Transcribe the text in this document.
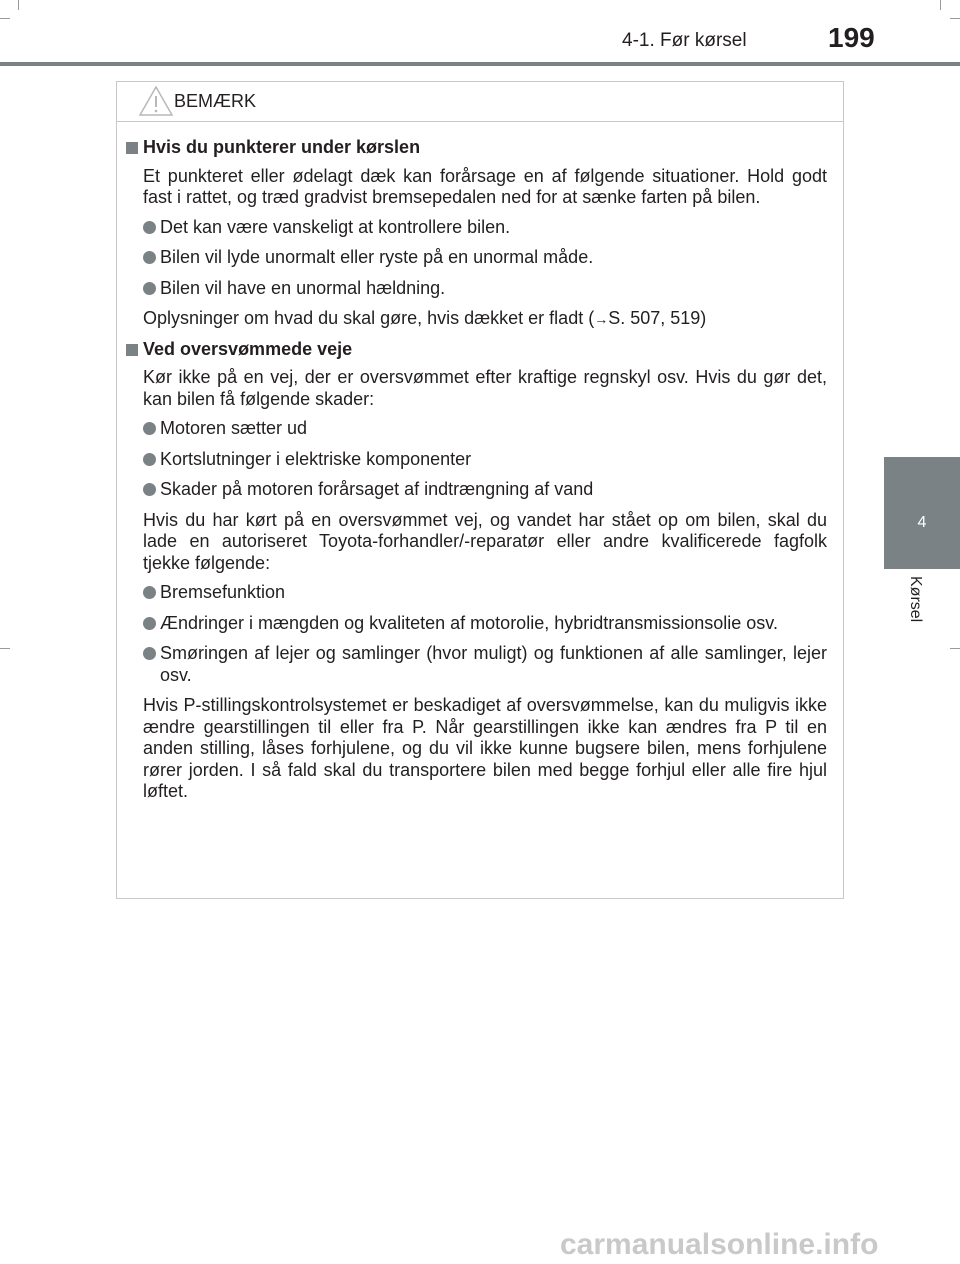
4-1. Før kørsel	199
4
Kørsel
BEMÆRK
Hvis du punkterer under kørslen
Et punkteret eller ødelagt dæk kan forårsage en af følgende situationer. Hold godt fast i rattet, og træd gradvist bremsepedalen ned for at sænke farten på bilen.
Det kan være vanskeligt at kontrollere bilen.
Bilen vil lyde unormalt eller ryste på en unormal måde.
Bilen vil have en unormal hældning.
Oplysninger om hvad du skal gøre, hvis dækket er fladt (→S. 507, 519)
Ved oversvømmede veje
Kør ikke på en vej, der er oversvømmet efter kraftige regnskyl osv. Hvis du gør det, kan bilen få følgende skader:
Motoren sætter ud
Kortslutninger i elektriske komponenter
Skader på motoren forårsaget af indtrængning af vand
Hvis du har kørt på en oversvømmet vej, og vandet har stået op om bilen, skal du lade en autoriseret Toyota-forhandler/-reparatør eller andre kvalificerede fagfolk tjekke følgende:
Bremsefunktion
Ændringer i mængden og kvaliteten af motorolie, hybridtransmissionsolie osv.
Smøringen af lejer og samlinger (hvor muligt) og funktionen af alle samlinger, lejer osv.
Hvis P-stillingskontrolsystemet er beskadiget af oversvømmelse, kan du muligvis ikke ændre gearstillingen til eller fra P. Når gearstillingen ikke kan ændres fra P til en anden stilling, låses forhjulene, og du vil ikke kunne bugsere bilen, mens forhjulene rører jorden. I så fald skal du transportere bilen med begge forhjul eller alle fire hjul løftet.
carmanualsonline.info
